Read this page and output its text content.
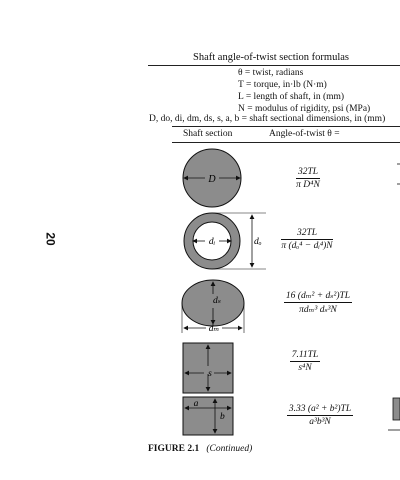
20
Shaft angle-of-twist section formulas
θ = twist, radians
T = torque, in·lb (N·m)
L = length of shaft, in (mm)
N = modulus of rigidity, psi (MPa)
D, do, di, dm, ds, s, a, b = shaft sectional dimensions, in (mm)
Shaft section	Angle-of-twist θ =
D
dᵢ	dₒ
dₛ
dₘ
s
a
b
$\frac{32TL}{\text{π D⁴N}}$
$\frac{32TL}{\text{π (dₒ⁴ − dᵢ⁴)N}}$
$\frac{\text{16 (dₘ² + dₛ²)TL}}{\text{πdₘ³ dₛ³N}}$
$\frac{7.11TL}{\text{s⁴N}}$
$\frac{\text{3.33 (a² + b²)TL}}{\text{a³b³N}}$
FIGURE 2.1 (Continued)
